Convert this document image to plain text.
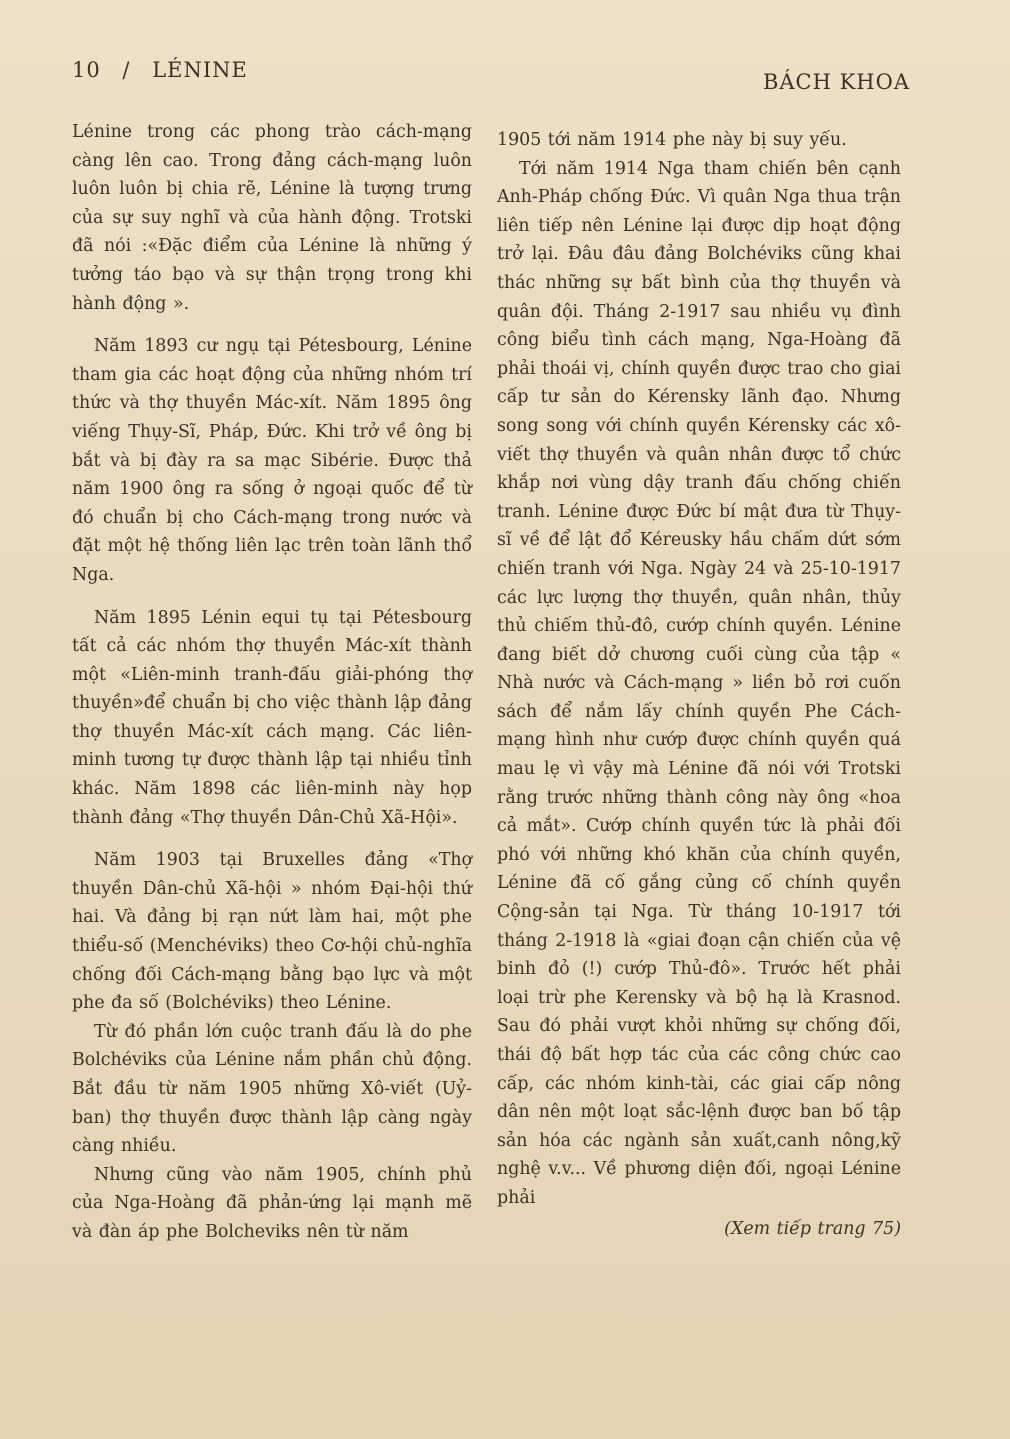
10 / LÉNINE	BÁCH KHOA

Lénine trong các phong trào cách-mạng càng lên cao. Trong đảng cách-mạng luôn luôn luôn bị chia rẽ, Lénine là tượng trưng của sự suy nghĩ và của hành động. Trotski đã nói :«Đặc điểm của Lénine là những ý tưởng táo bạo và sự thận trọng trong khi hành động ».

Năm 1893 cư ngụ tại Pétesbourg, Lénine tham gia các hoạt động của những nhóm trí thức và thợ thuyền Mác-xít. Năm 1895 ông viếng Thụy-Sĩ, Pháp, Đức. Khi trở về ông bị bắt và bị đày ra sa mạc Sibérie. Được thả năm 1900 ông ra sống ở ngoại quốc để từ đó chuẩn bị cho Cách-mạng trong nước và đặt một hệ thống liên lạc trên toàn lãnh thổ Nga.

Năm 1895 Lénin equi tụ tại Pétesbourg tất cả các nhóm thợ thuyền Mác-xít thành một «Liên-minh tranh-đấu giải-phóng thợ thuyền»để chuẩn bị cho việc thành lập đảng thợ thuyền Mác-xít cách mạng. Các liên-minh tương tự được thành lập tại nhiều tỉnh khác. Năm 1898 các liên-minh này họp thành đảng «Thợ thuyền Dân-Chủ Xã-Hội».

Năm 1903 tại Bruxelles đảng «Thợ thuyền Dân-chủ Xã-hội » nhóm Đại-hội thứ hai. Và đảng bị rạn nứt làm hai, một phe thiểu-số (Menchéviks) theo Cơ-hội chủ-nghĩa chống đối Cách-mạng bằng bạo lực và một phe đa số (Bolchéviks) theo Lénine.

Từ đó phần lớn cuộc tranh đấu là do phe Bolchéviks của Lénine nắm phần chủ động. Bắt đầu từ năm 1905 những Xô-viết (Uỷ-ban) thợ thuyền được thành lập càng ngày càng nhiều.

Nhưng cũng vào năm 1905, chính phủ của Nga-Hoàng đã phản-ứng lại mạnh mẽ và đàn áp phe Bolcheviks nên từ năm

1905 tới năm 1914 phe này bị suy yếu.

Tới năm 1914 Nga tham chiến bên cạnh Anh-Pháp chống Đức. Vì quân Nga thua trận liên tiếp nên Lénine lại được dịp hoạt động trở lại. Đâu đâu đảng Bolchéviks cũng khai thác những sự bất bình của thợ thuyền và quân đội. Tháng 2-1917 sau nhiều vụ đình công biểu tình cách mạng, Nga-Hoàng đã phải thoái vị, chính quyền được trao cho giai cấp tư sản do Kérensky lãnh đạo. Nhưng song song với chính quyền Kérensky các xô-viết thợ thuyền và quân nhân được tổ chức khắp nơi vùng dậy tranh đấu chống chiến tranh. Lénine được Đức bí mật đưa từ Thụy-sĩ về để lật đổ Kéreusky hầu chấm dứt sớm chiến tranh với Nga. Ngày 24 và 25-10-1917 các lực lượng thợ thuyền, quân nhân, thủy thủ chiếm thủ-đô, cướp chính quyền. Lénine đang biết dở chương cuối cùng của tập « Nhà nước và Cách-mạng » liền bỏ rơi cuốn sách để nắm lấy chính quyền Phe Cách-mạng hình như cướp được chính quyền quá mau lẹ vì vậy mà Lénine đã nói với Trotski rằng trước những thành công này ông «hoa cả mắt». Cướp chính quyền tức là phải đối phó với những khó khăn của chính quyền, Lénine đã cố gắng củng cố chính quyền Cộng-sản tại Nga. Từ tháng 10-1917 tới tháng 2-1918 là «giai đoạn cận chiến của vệ binh đỏ (!) cướp Thủ-đô». Trước hết phải loại trừ phe Kerensky và bộ hạ là Krasnod. Sau đó phải vượt khỏi những sự chống đối, thái độ bất hợp tác của các công chức cao cấp, các nhóm kinh-tài, các giai cấp nông dân nên một loạt sắc-lệnh được ban bố tập sản hóa các ngành sản xuất,canh nông,kỹ nghệ v.v... Về phương diện đối, ngoại Lénine phải

(Xem tiếp trang 75)
